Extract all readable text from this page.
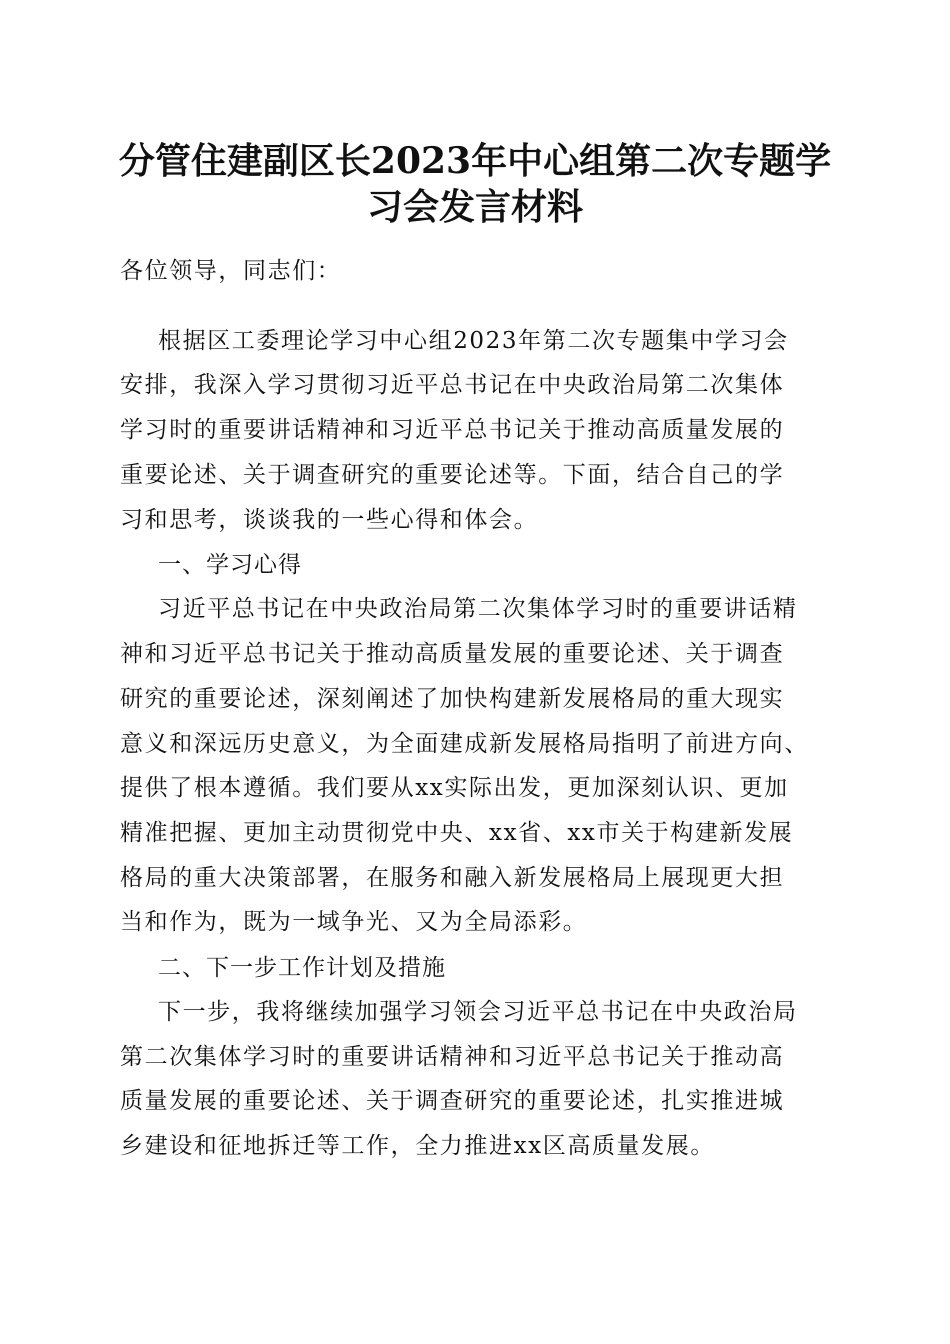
分管住建副区长2023年中心组第二次专题学
习会发言材料

各位领导，同志们：

根据区工委理论学习中心组2023年第二次专题集中学习会

安排，我深入学习贯彻习近平总书记在中央政治局第二次集体

学习时的重要讲话精神和习近平总书记关于推动高质量发展的

重要论述、关于调查研究的重要论述等。下面，结合自己的学

习和思考，谈谈我的一些心得和体会。

一、学习心得

习近平总书记在中央政治局第二次集体学习时的重要讲话精

神和习近平总书记关于推动高质量发展的重要论述、关于调查

研究的重要论述，深刻阐述了加快构建新发展格局的重大现实

意义和深远历史意义，为全面建成新发展格局指明了前进方向、

提供了根本遵循。我们要从xx实际出发，更加深刻认识、更加

精准把握、更加主动贯彻党中央、xx省、xx市关于构建新发展

格局的重大决策部署，在服务和融入新发展格局上展现更大担

当和作为，既为一域争光、又为全局添彩。

二、下一步工作计划及措施

下一步，我将继续加强学习领会习近平总书记在中央政治局

第二次集体学习时的重要讲话精神和习近平总书记关于推动高

质量发展的重要论述、关于调查研究的重要论述，扎实推进城

乡建设和征地拆迁等工作，全力推进xx区高质量发展。
